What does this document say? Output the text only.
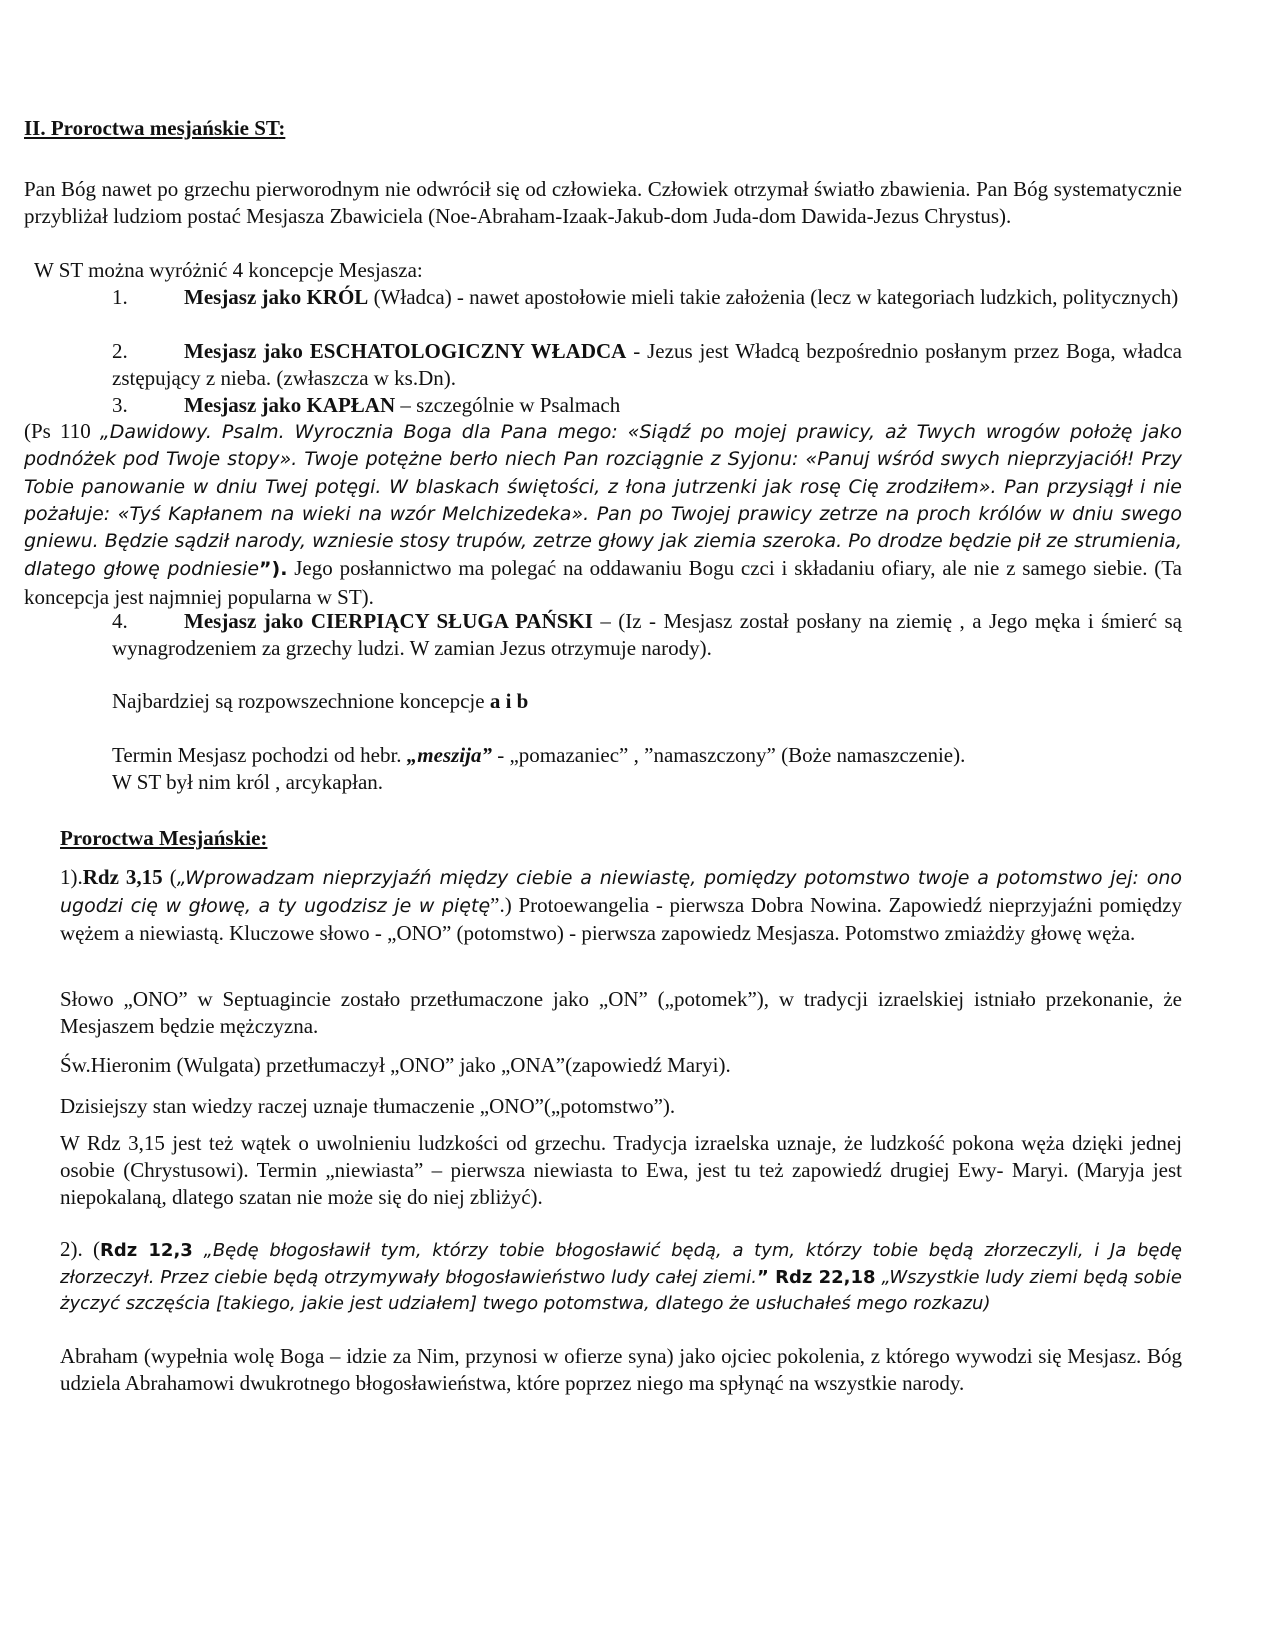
II. Proroctwa mesjańskie ST:
Pan Bóg nawet po grzechu pierworodnym nie odwrócił się od człowieka. Człowiek otrzymał światło zbawienia. Pan Bóg systematycznie przybliżał ludziom postać Mesjasza Zbawiciela (Noe-Abraham-Izaak-Jakub-dom Juda-dom Dawida-Jezus Chrystus).
W ST można wyróżnić 4 koncepcje Mesjasza:
1.	Mesjasz jako KRÓL (Władca) - nawet apostołowie mieli takie założenia (lecz w kategoriach ludzkich, politycznych)
2.	Mesjasz jako ESCHATOLOGICZNY WŁADCA - Jezus jest Władcą bezpośrednio posłanym przez Boga, władca zstępujący z nieba. (zwłaszcza w ks.Dn).
3.	Mesjasz jako KAPŁAN – szczególnie w Psalmach
(Ps 110 „Dawidowy. Psalm. Wyrocznia Boga dla Pana mego: «Siądź po mojej prawicy, aż Twych wrogów położę jako podnóżek pod Twoje stopy». Twoje potężne berło niech Pan rozciągnie z Syjonu: «Panuj wśród swych nieprzyjaciół! Przy Tobie panowanie w dniu Twej potęgi. W blaskach świętości, z łona jutrzenki jak rosę Cię zrodziłem». Pan przysiągł i nie pożałuje: «Tyś Kapłanem na wieki na wzór Melchizedeka». Pan po Twojej prawicy zetrze na proch królów w dniu swego gniewu. Będzie sądził narody, wzniesie stosy trupów, zetrze głowy jak ziemia szeroka. Po drodze będzie pił ze strumienia, dlatego głowę podniesie”). Jego posłannictwo ma polegać na oddawaniu Bogu czci i składaniu ofiary, ale nie z samego siebie. (Ta koncepcja jest najmniej popularna w ST).
4.	Mesjasz jako CIERPIĄCY SŁUGA PAŃSKI – (Iz - Mesjasz został posłany na ziemię , a Jego męka i śmierć są wynagrodzeniem za grzechy ludzi. W zamian Jezus otrzymuje narody).
Najbardziej są rozpowszechnione koncepcje a i b
Termin Mesjasz pochodzi od hebr. „meszija” - „pomazaniec” , ”namaszczony” (Boże namaszczenie).
W ST był nim król , arcykapłan.
Proroctwa Mesjańskie:
1).Rdz 3,15 („Wprowadzam nieprzyjaźń między ciebie a niewiastę, pomiędzy potomstwo twoje a potomstwo jej: ono ugodzi cię w głowę, a ty ugodzisz je w piętę”.) Protoewangelia - pierwsza Dobra Nowina. Zapowiedź nieprzyjaźni pomiędzy wężem a niewiastą. Kluczowe słowo - „ONO” (potomstwo) - pierwsza zapowiedz Mesjasza. Potomstwo zmiażdży głowę węża.
Słowo „ONO” w Septuagincie zostało przetłumaczone jako „ON” („potomek”), w tradycji izraelskiej istniało przekonanie, że Mesjaszem będzie mężczyzna.
Św.Hieronim (Wulgata) przetłumaczył „ONO” jako „ONA”(zapowiedź Maryi).
Dzisiejszy stan wiedzy raczej uznaje tłumaczenie „ONO”(„potomstwo”).
W Rdz 3,15 jest też wątek o uwolnieniu ludzkości od grzechu. Tradycja izraelska uznaje, że ludzkość pokona węża dzięki jednej osobie (Chrystusowi). Termin „niewiasta” – pierwsza niewiasta to Ewa, jest tu też zapowiedź drugiej Ewy- Maryi. (Maryja jest niepokalaną, dlatego szatan nie może się do niej zbliżyć).
2). (Rdz 12,3 „Będę błogosławił tym, którzy tobie błogosławić będą, a tym, którzy tobie będą złorzeczyli, i Ja będę złorzeczył. Przez ciebie będą otrzymywały błogosławieństwo ludy całej ziemi.” Rdz 22,18 „Wszystkie ludy ziemi będą sobie życzyć szczęścia [takiego, jakie jest udziałem] twego potomstwa, dlatego że usłuchałeś mego rozkazu)
Abraham (wypełnia wolę Boga – idzie za Nim, przynosi w ofierze syna) jako ojciec pokolenia, z którego wywodzi się Mesjasz. Bóg udziela Abrahamowi dwukrotnego błogosławieństwa, które poprzez niego ma spłynąć na wszystkie narody.
